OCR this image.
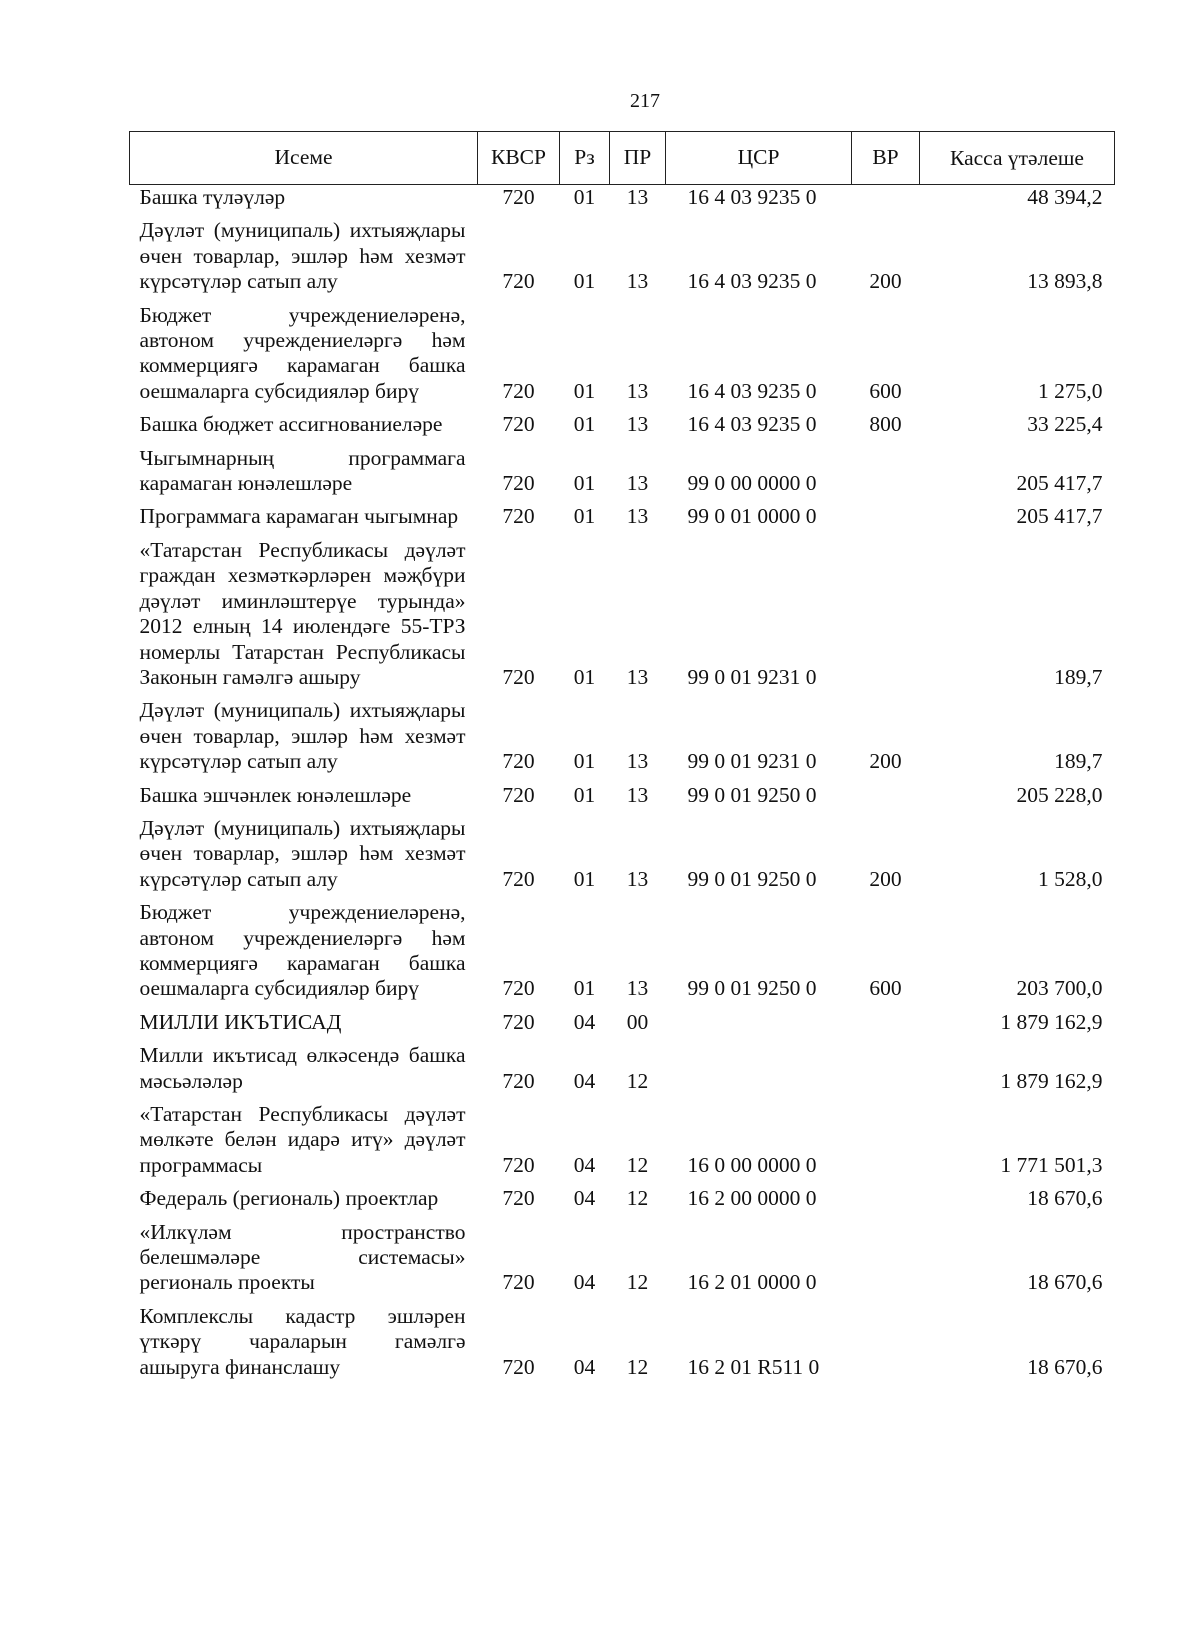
217
Исеме	КВСР	Рз	ПР	ЦСР	ВР	Касса үтәлеше
Башка түләүләр	720	01	13	16 4 03 9235 0		48 394,2
Дәүләт (муниципаль) ихтыяҗлары өчен товарлар, эшләр һәм хезмәт күрсәтүләр сатып алу	720	01	13	16 4 03 9235 0	200	13 893,8
Бюджет учреждениеләренә, автоном учреждениеләргә һәм коммерциягә карамаган башка оешмаларга субсидияләр бирү	720	01	13	16 4 03 9235 0	600	1 275,0
Башка бюджет ассигнованиеләре	720	01	13	16 4 03 9235 0	800	33 225,4
Чыгымнарның программага карамаган юнәлешләре	720	01	13	99 0 00 0000 0		205 417,7
Программага карамаган чыгымнар	720	01	13	99 0 01 0000 0		205 417,7
«Татарстан Республикасы дәүләт граждан хезмәткәрләрен мәҗбүри дәүләт иминләштерүе турында» 2012 елның 14 июлендәге 55-ТРЗ номерлы Татарстан Республикасы Законын гамәлгә ашыру	720	01	13	99 0 01 9231 0		189,7
Дәүләт (муниципаль) ихтыяҗлары өчен товарлар, эшләр һәм хезмәт күрсәтүләр сатып алу	720	01	13	99 0 01 9231 0	200	189,7
Башка эшчәнлек юнәлешләре	720	01	13	99 0 01 9250 0		205 228,0
Дәүләт (муниципаль) ихтыяҗлары өчен товарлар, эшләр һәм хезмәт күрсәтүләр сатып алу	720	01	13	99 0 01 9250 0	200	1 528,0
Бюджет учреждениеләренә, автоном учреждениеләргә һәм коммерциягә карамаган башка оешмаларга субсидияләр бирү	720	01	13	99 0 01 9250 0	600	203 700,0
МИЛЛИ ИКЪТИСАД	720	04	00			1 879 162,9
Милли икътисад өлкәсендә башка мәсьәләләр	720	04	12			1 879 162,9
«Татарстан Республикасы дәүләт мөлкәте белән идарә итү» дәүләт программасы	720	04	12	16 0 00 0000 0		1 771 501,3
Федераль (региональ) проектлар	720	04	12	16 2 00 0000 0		18 670,6
«Илкүләм пространство белешмәләре системасы» региональ проекты	720	04	12	16 2 01 0000 0		18 670,6
Комплекслы кадастр эшләрен үткәрү чараларын гамәлгә ашыруга финанслашу	720	04	12	16 2 01 R511 0		18 670,6
